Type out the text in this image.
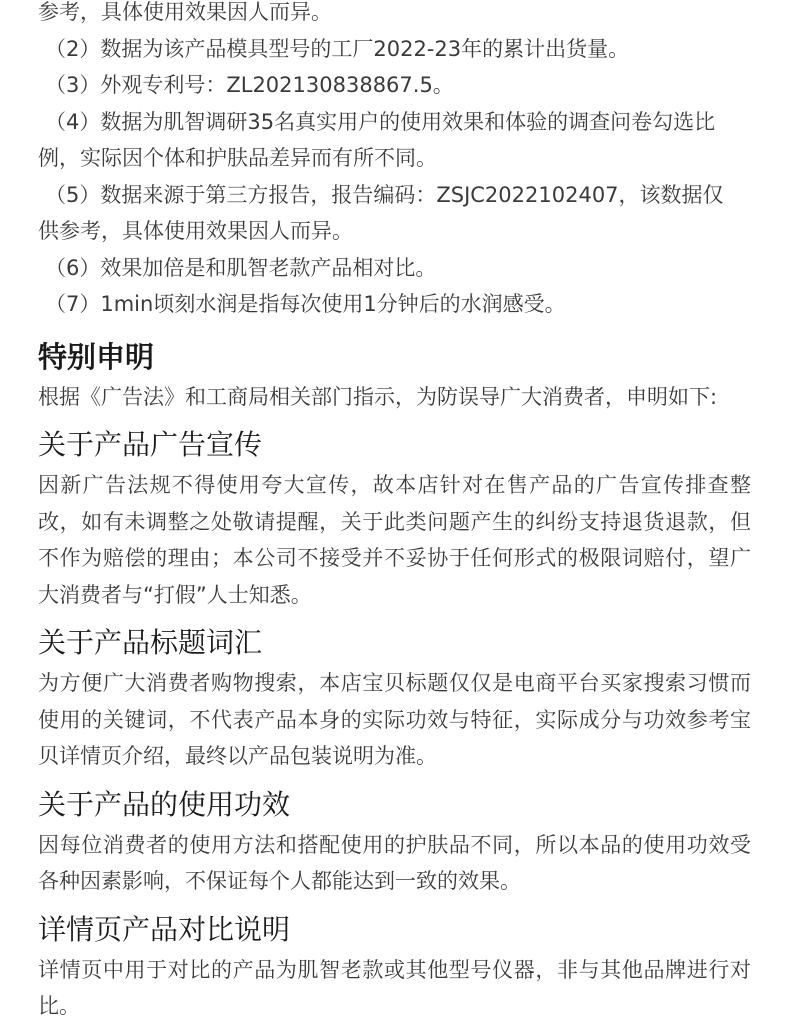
参考，具体使用效果因人而异。

（2）数据为该产品模具型号的工厂2022-23年的累计出货量。

（3）外观专利号：ZL202130838867.5。

（4）数据为肌智调研35名真实用户的使用效果和体验的调查问卷勾选比

例，实际因个体和护肤品差异而有所不同。

（5）数据来源于第三方报告，报告编码：ZSJC2022102407，该数据仅

供参考，具体使用效果因人而异。

（6）效果加倍是和肌智老款产品相对比。

（7）1min顷刻水润是指每次使用1分钟后的水润感受。

特别申明

根据《广告法》和工商局相关部门指示，为防误导广大消费者，申明如下:

关于产品广告宣传

因新广告法规不得使用夸大宣传，故本店针对在售产品的广告宣传排查整改，如有未调整之处敬请提醒，关于此类问题产生的纠纷支持退货退款，但不作为赔偿的理由；本公司不接受并不妥协于任何形式的极限词赔付，望广大消费者与“打假”人士知悉。

关于产品标题词汇

为方便广大消费者购物搜索，本店宝贝标题仅仅是电商平台买家搜索习惯而使用的关键词，不代表产品本身的实际功效与特征，实际成分与功效参考宝贝详情页介绍，最终以产品包装说明为准。

关于产品的使用功效

因每位消费者的使用方法和搭配使用的护肤品不同，所以本品的使用功效受各种因素影响，不保证每个人都能达到一致的效果。

详情页产品对比说明

详情页中用于对比的产品为肌智老款或其他型号仪器，非与其他品牌进行对比。
